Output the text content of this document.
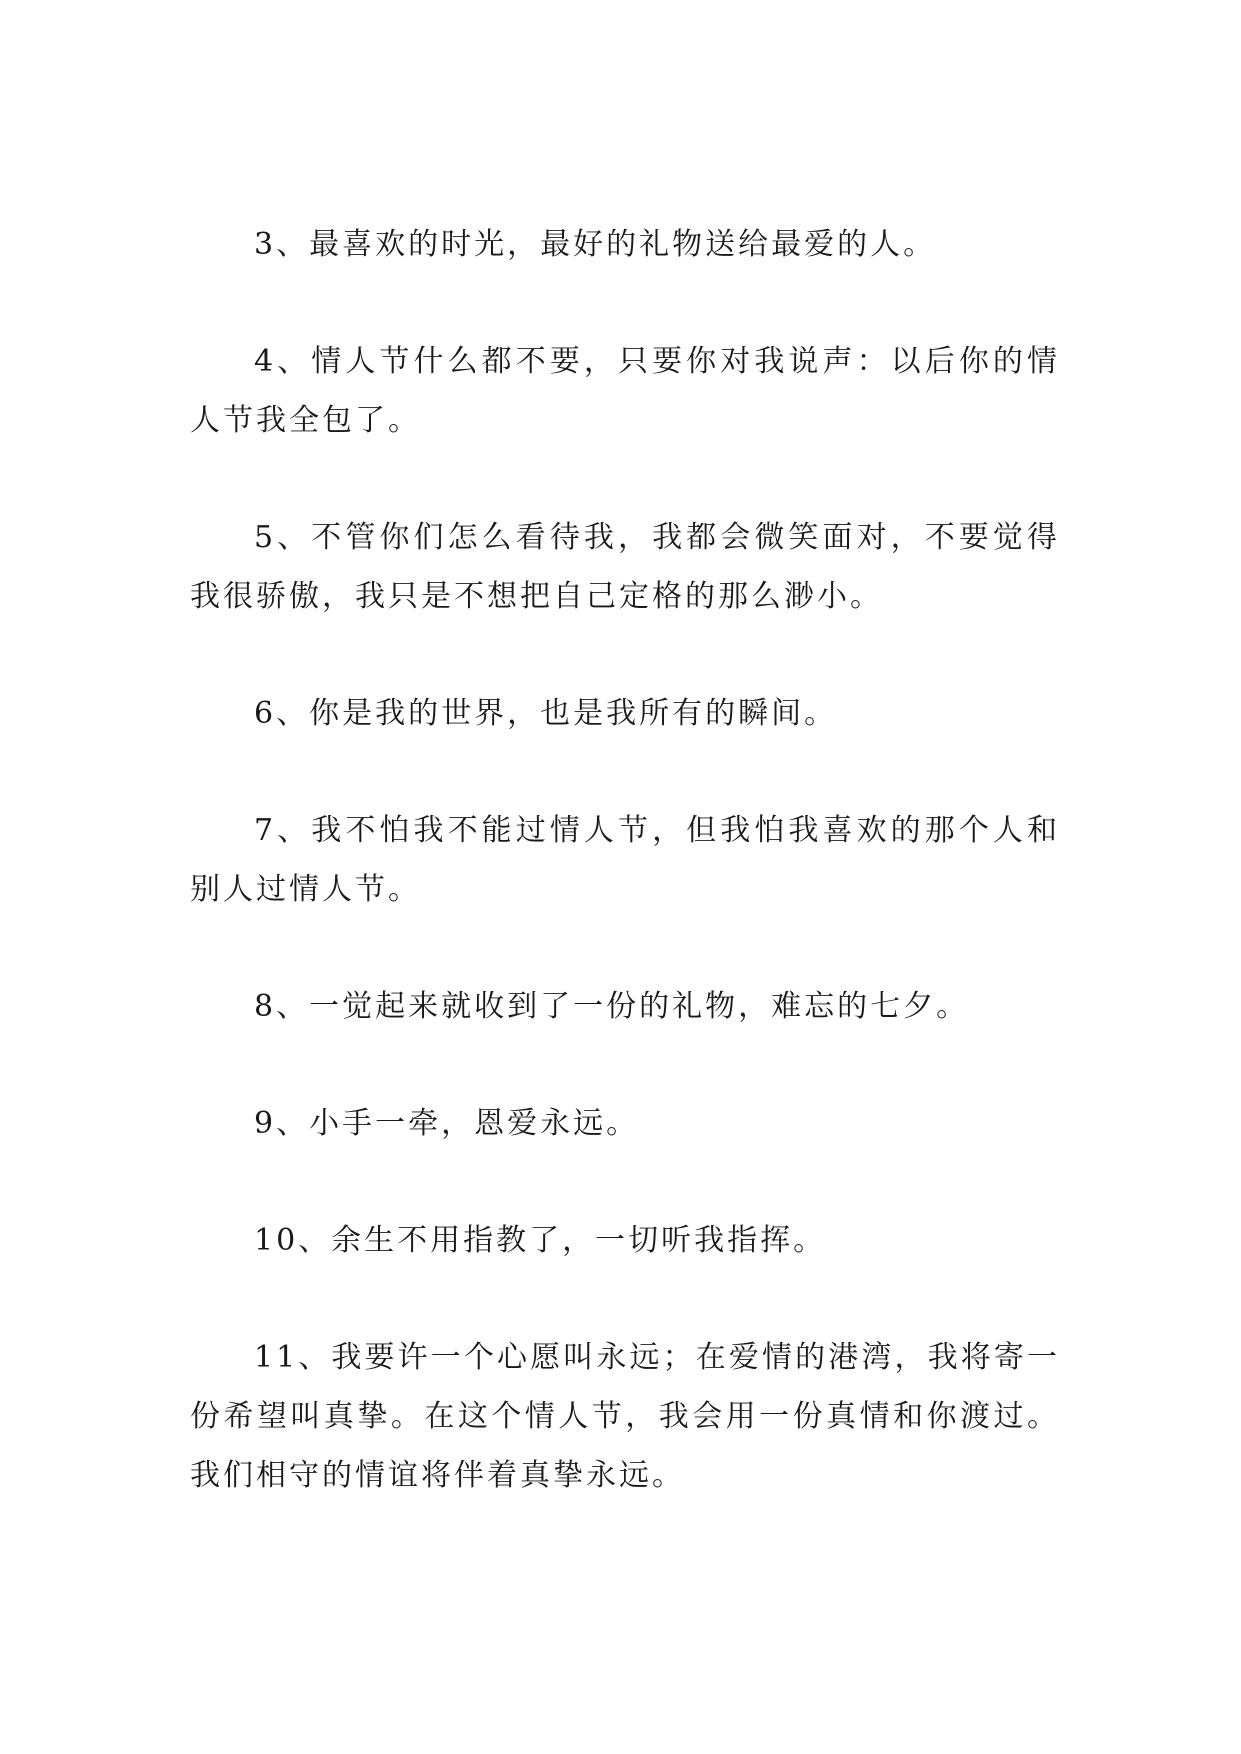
3、最喜欢的时光，最好的礼物送给最爱的人。

4、情人节什么都不要，只要你对我说声：以后你的情人节我全包了。

5、不管你们怎么看待我，我都会微笑面对，不要觉得我很骄傲，我只是不想把自己定格的那么渺小。

6、你是我的世界，也是我所有的瞬间。

7、我不怕我不能过情人节，但我怕我喜欢的那个人和别人过情人节。

8、一觉起来就收到了一份的礼物，难忘的七夕。

9、小手一牵，恩爱永远。

10、余生不用指教了，一切听我指挥。

11、我要许一个心愿叫永远；在爱情的港湾，我将寄一份希望叫真挚。在这个情人节，我会用一份真情和你渡过。我们相守的情谊将伴着真挚永远。
